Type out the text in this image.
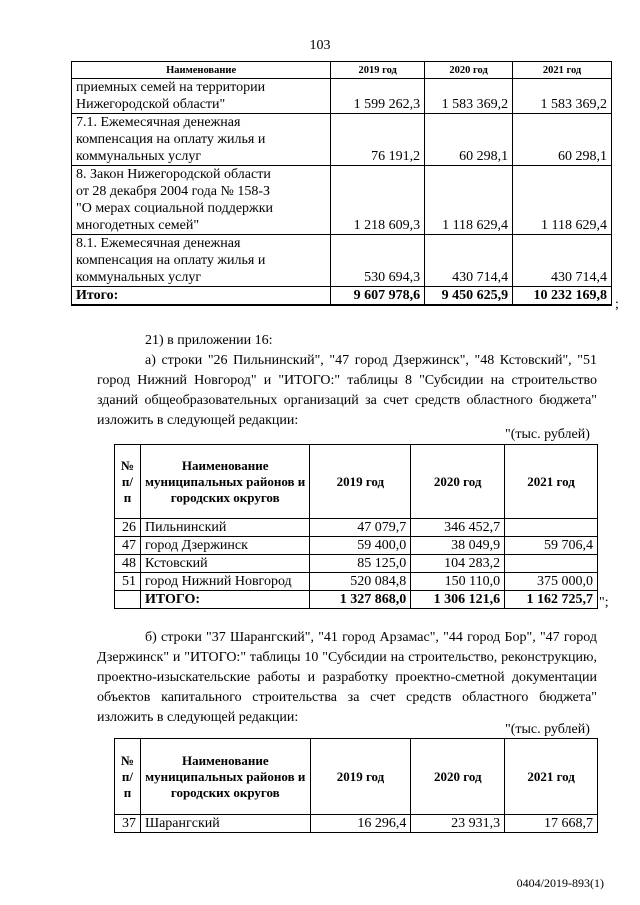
103
Наименование	2019 год	2020 год	2021 год

приемных семей на территории
Нижегородской области"	1 599 262,3	1 583 369,2	1 583 369,2

7.1. Ежемесячная денежная
компенсация на оплату жилья и
коммунальных услуг	76 191,2	60 298,1	60 298,1

8. Закон Нижегородской области
от 28 декабря 2004 года № 158-З
"О мерах социальной поддержки
многодетных семей"	1 218 609,3	1 118 629,4	1 118 629,4

8.1. Ежемесячная денежная
компенсация на оплату жилья и
коммунальных услуг	530 694,3	430 714,4	430 714,4
Итого:	9 607 978,6	9 450 625,9	10 232 169,8
;
21) в приложении 16:
а) строки "26 Пильнинский", "47 город Дзержинск", "48 Кстовский", "51 город Нижний Новгород" и "ИТОГО:" таблицы 8 "Субсидии на строительство зданий общеобразовательных организаций за счет средств областного бюджета" изложить в следующей редакции:
"(тыс. рублей)
№ п/п	Наименование муниципальных районов и городских округов	2019 год	2020 год	2021 год
26	Пильнинский	47 079,7	346 452,7	
47	город Дзержинск	59 400,0	38 049,9	59 706,4
48	Кстовский	85 125,0	104 283,2	
51	город Нижний Новгород	520 084,8	150 110,0	375 000,0
	ИТОГО:	1 327 868,0	1 306 121,6	1 162 725,7 ";
б) строки "37 Шарангский", "41 город Арзамас", "44 город Бор", "47 город Дзержинск" и "ИТОГО:" таблицы 10 "Субсидии на строительство, реконструкцию, проектно-изыскательские работы и разработку проектно-сметной документации объектов капитального строительства за счет средств областного бюджета" изложить в следующей редакции:
"(тыс. рублей)
№ п/п	Наименование муниципальных районов и городских округов	2019 год	2020 год	2021 год
37	Шарангский	16 296,4	23 931,3	17 668,7
0404/2019-893(1)
